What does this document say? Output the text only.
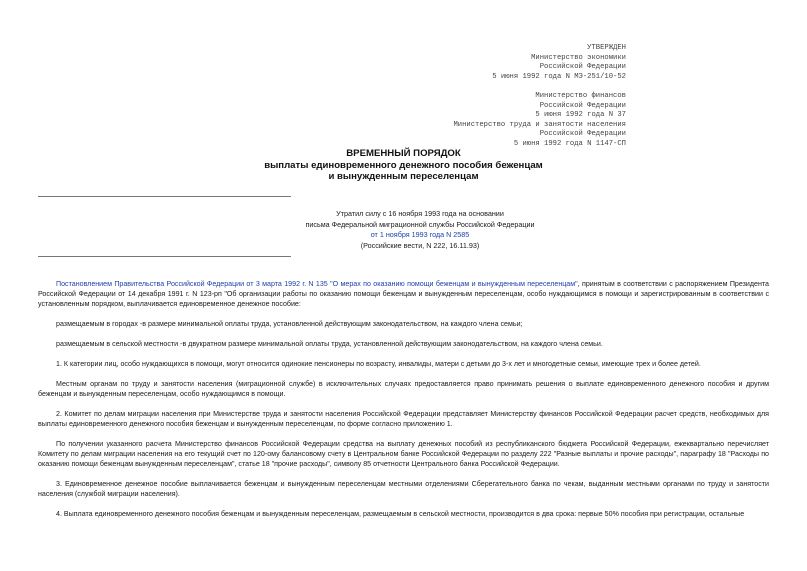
УТВЕРЖДЕН
Министерство экономики
Российской Федерации
5 июня 1992 года N МЭ-251/10-52
Министерство финансов
Российской Федерации
5 июня 1992 года N 37
Министерство труда и занятости населения
Российской Федерации
5 июня 1992 года N 1147-СП
ВРЕМЕННЫЙ ПОРЯДОК
выплаты единовременного денежного пособия беженцам
и вынужденным переселенцам
Утратил силу с 16 ноября 1993 года на основании
письма Федеральной миграционной службы Российской Федерации
от 1 ноября 1993 года N 2585
(Российские вести, N 222, 16.11.93)

Постановлением Правительства Российской Федерации от 3 марта 1992 г. N 135 "О мерах по оказанию помощи беженцам и вынужденным переселенцам", принятым в соответствии с распоряжением Президента Российской Федерации от 14 декабря 1991 г. N 123-рп "Об организации работы по оказанию помощи беженцам и вынужденным переселенцам, особо нуждающимся в помощи и зарегистрированным в соответствии с установленным порядком, выплачивается единовременное денежное пособие:

размещаемым в городах -в размере минимальной оплаты труда, установленной действующим законодательством, на каждого члена семьи;

размещаемым в сельской местности -в двукратном размере минимальной оплаты труда, установленной действующим законодательством, на каждого члена семьи.

1. К категории лиц, особо нуждающихся в помощи, могут относится одинокие пенсионеры по возрасту, инвалиды, матери с детьми до 3-х лет и многодетные семьи, имеющие трех и более детей.

Местным органам по труду и занятости населения (миграционной службе) в исключительных случаях предоставляется право принимать решения о выплате единовременного денежного пособия и другим беженцам и вынужденным переселенцам, особо нуждающимся в помощи.

2. Комитет по делам миграции населения при Министерстве труда и занятости населения Российской Федерации представляет Министерству финансов Российской Федерации расчет средств, необходимых для выплаты единовременного денежного пособия беженцам и вынужденным переселенцам, по форме согласно приложению 1.

По получении указанного расчета Министерство финансов Российской Федерации средства на выплату денежных пособий из республиканского бюджета Российской Федерации, ежеквартально перечисляет Комитету по делам миграции населения на его текущий счет по 120-ому балансовому счету в Центральном банке Российской Федерации по разделу 222 "Разные выплаты и прочие расходы", параграфу 18 "Расходы по оказанию помощи беженцам вынужденным переселенцам", статье 18 "прочие расходы", символу 85 отчетности Центрального банка Российской Федерации.

3. Единовременное денежное пособие выплачивается беженцам и вынужденным переселенцам местными отделениями Сберегательного банка по чекам, выданным местными органами по труду и занятости населения (службой миграции населения).

4. Выплата единовременного денежного пособия беженцам и вынужденным переселенцам, размещаемым в сельской местности, производится в два срока: первые 50% пособия при регистрации, остальные
